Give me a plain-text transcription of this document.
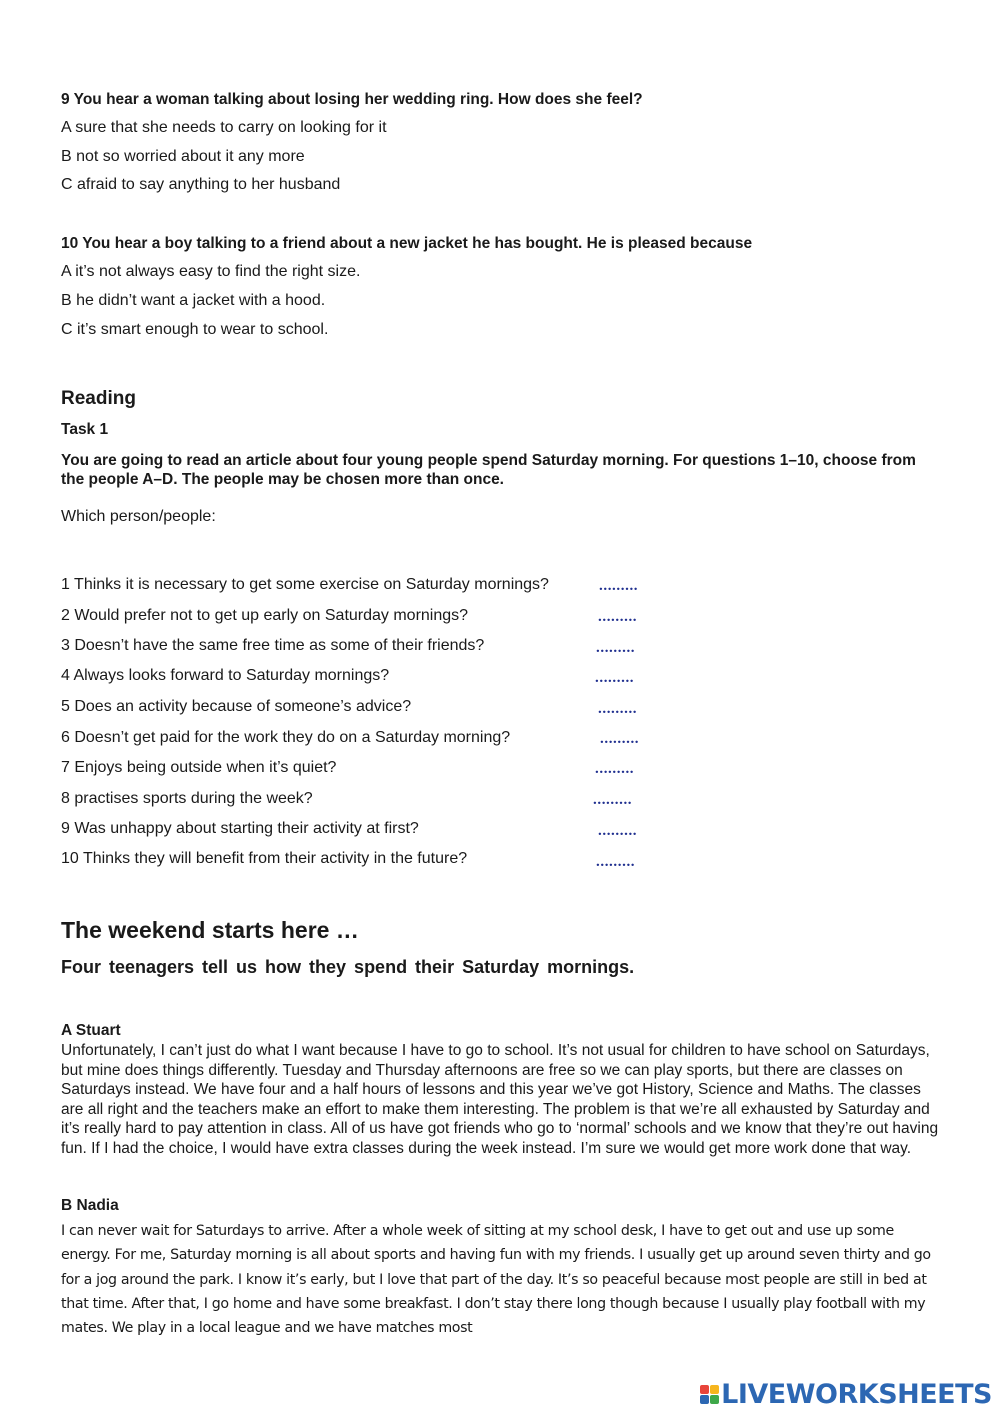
9 You hear a woman talking about losing her wedding ring. How does she feel?
A sure that she needs to carry on looking for it
B not so worried about it any more
C afraid to say anything to her husband
10 You hear a boy talking to a friend about a new jacket he has bought. He is pleased because
A it’s not always easy to find the right size.
B he didn’t want a jacket with a hood.
C it’s smart enough to wear to school.
Reading
Task 1
You are going to read an article about four young people spend Saturday morning. For questions 1–10, choose from the people A–D. The people may be chosen more than once.
Which person/people:
1 Thinks it is necessary to get some exercise on Saturday mornings?	.........
2 Would prefer not to get up early on Saturday mornings?	.........
3 Doesn’t have the same free time as some of their friends?	.........
4 Always looks forward to Saturday mornings?	.........
5 Does an activity because of someone’s advice?	.........
6 Doesn’t get paid for the work they do on a Saturday morning?	.........
7 Enjoys being outside when it’s quiet?	.........
8 practises sports during the week?	.........
9 Was unhappy about starting their activity at first?	.........
10 Thinks they will benefit from their activity in the future?	.........
The weekend starts here …
Four teenagers tell us how they spend their Saturday mornings.
A Stuart
Unfortunately, I can’t just do what I want because I have to go to school. It’s not usual for children to have school on Saturdays, but mine does things differently. Tuesday and Thursday afternoons are free so we can play sports, but there are classes on Saturdays instead. We have four and a half hours of lessons and this year we’ve got History, Science and Maths. The classes are all right and the teachers make an effort to make them interesting. The problem is that we’re all exhausted by Saturday and it’s really hard to pay attention in class. All of us have got friends who go to ‘normal’ schools and we know that they’re out having fun. If I had the choice, I would have extra classes during the week instead. I’m sure we would get more work done that way.
B Nadia
I can never wait for Saturdays to arrive. After a whole week of sitting at my school desk, I have to get out and use up some energy. For me, Saturday morning is all about sports and having fun with my friends. I usually get up around seven thirty and go for a jog around the park. I know it’s early, but I love that part of the day. It’s so peaceful because most people are still in bed at that time. After that, I go home and have some breakfast. I don’t stay there long though because I usually play football with my mates. We play in a local league and we have matches most
LIVEWORKSHEETS
